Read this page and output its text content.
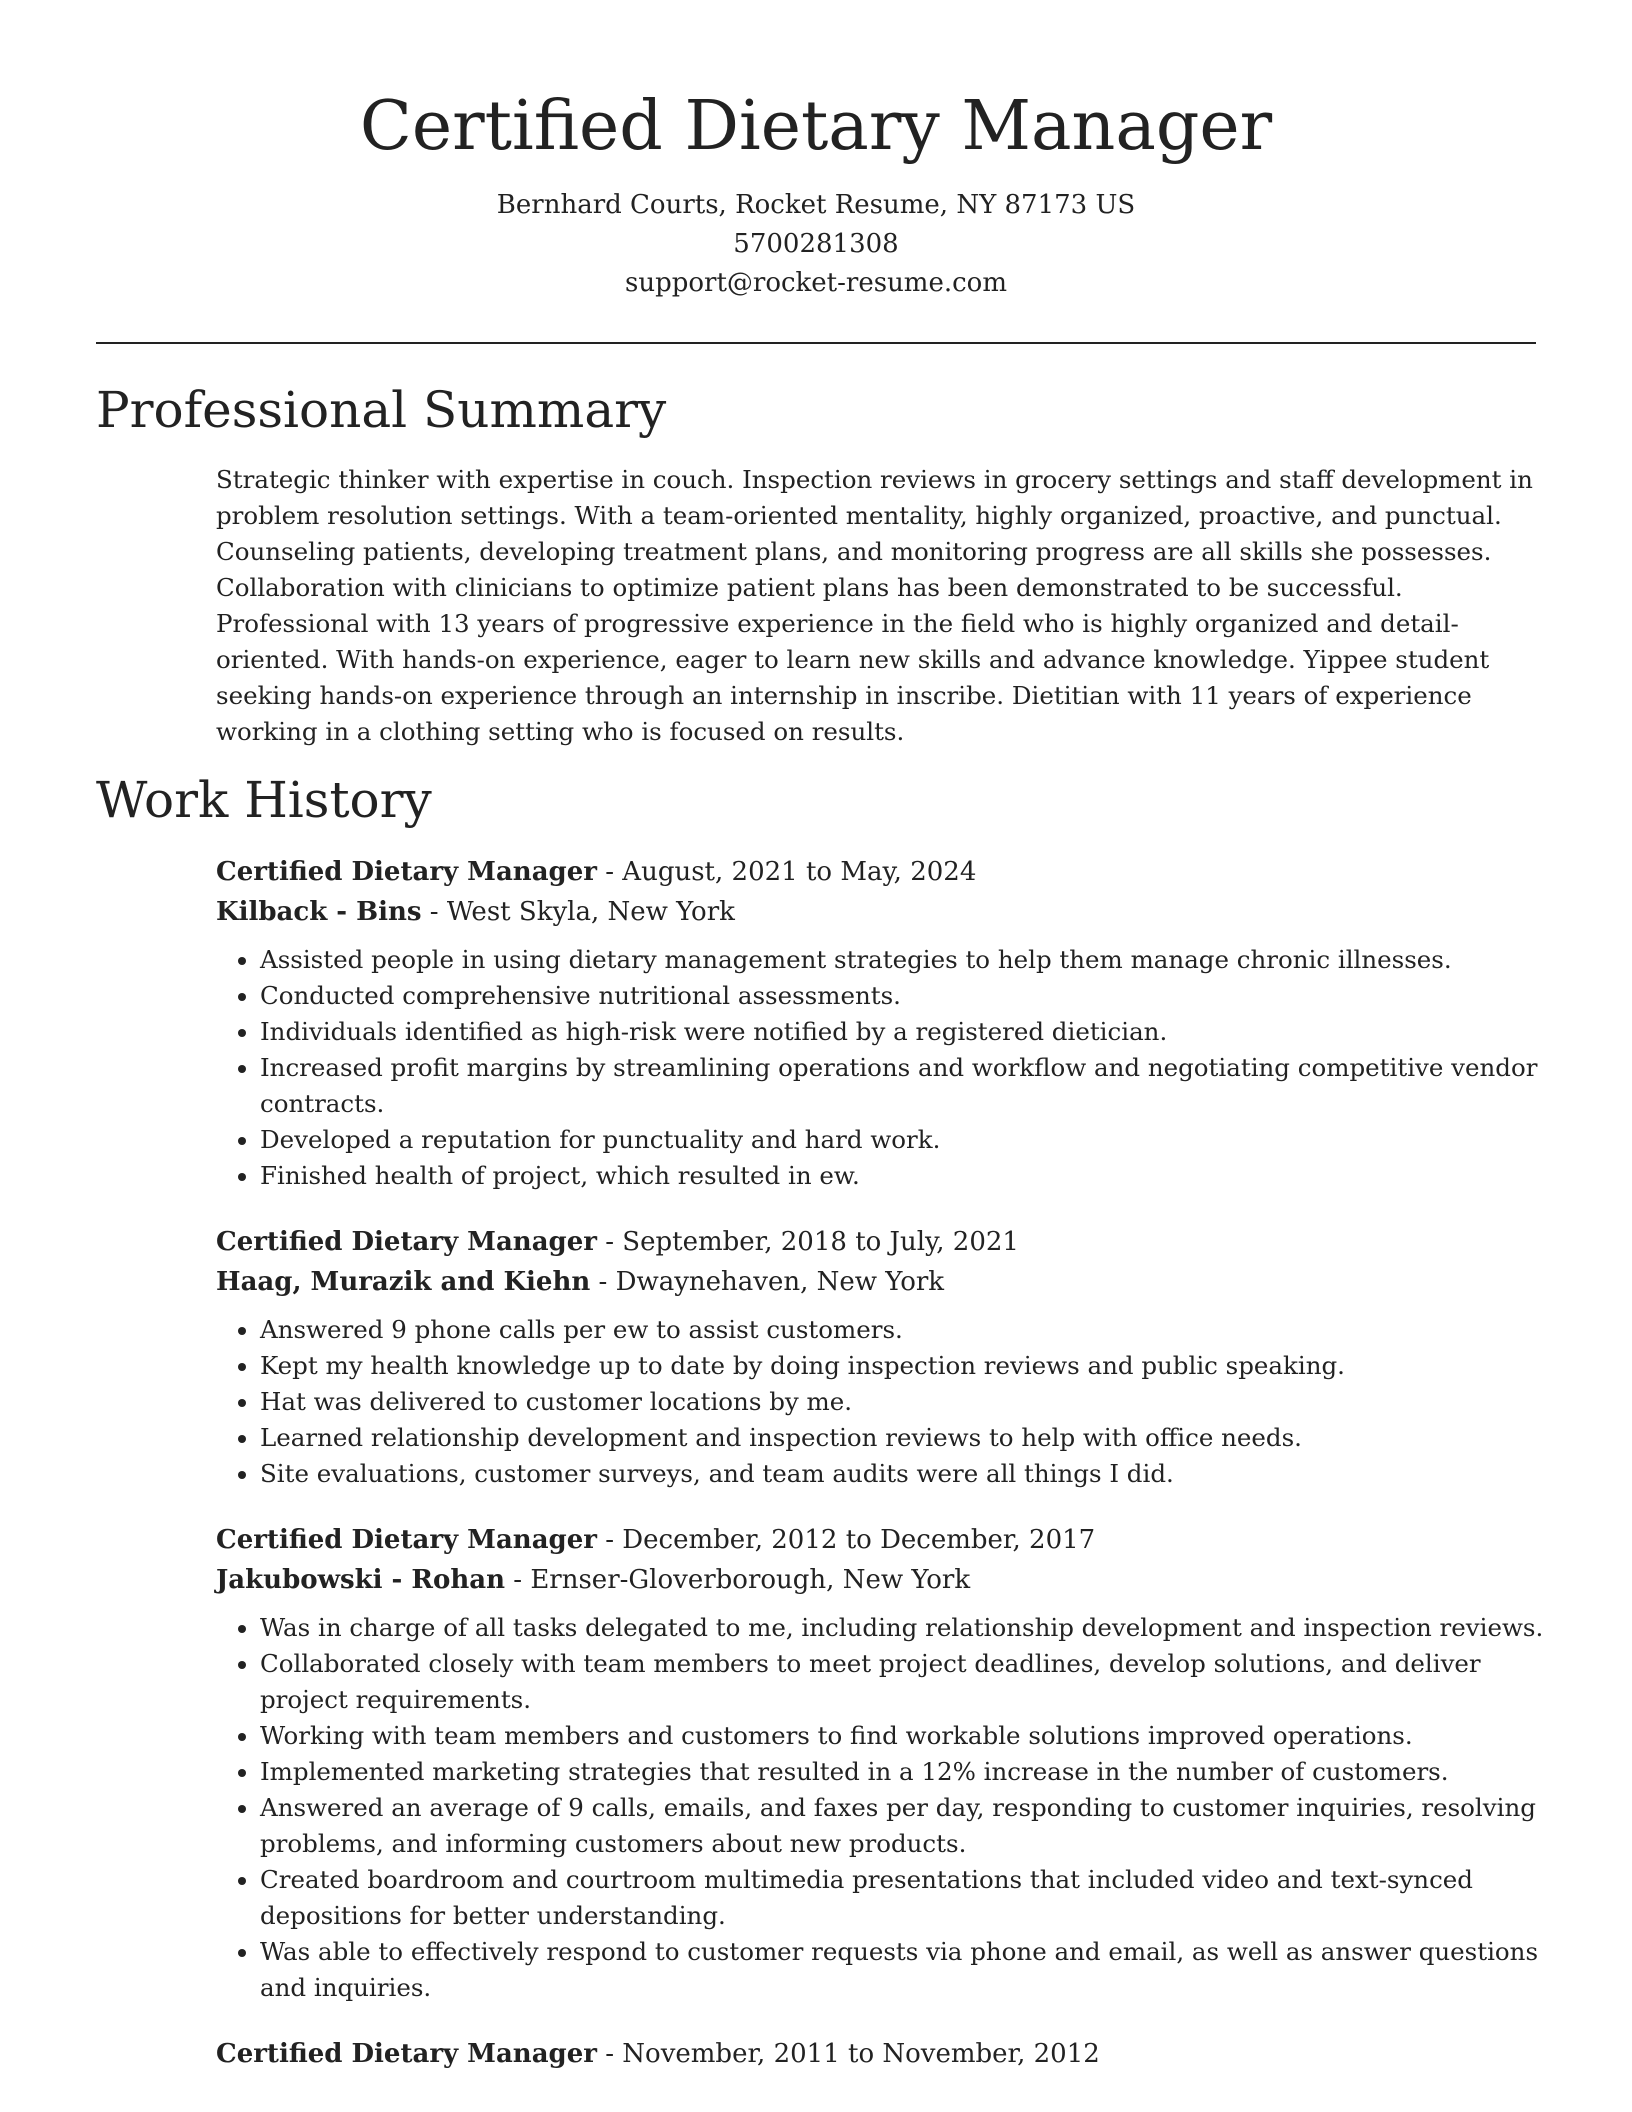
Certified Dietary Manager
Bernhard Courts, Rocket Resume, NY 87173 US
5700281308
support@rocket-resume.com
Professional Summary

Strategic thinker with expertise in couch. Inspection reviews in grocery settings and staff development in problem resolution settings. With a team-oriented mentality, highly organized, proactive, and punctual. Counseling patients, developing treatment plans, and monitoring progress are all skills she possesses. Collaboration with clinicians to optimize patient plans has been demonstrated to be successful. Professional with 13 years of progressive experience in the field who is highly organized and detail-oriented. With hands-on experience, eager to learn new skills and advance knowledge. Yippee student seeking hands-on experience through an internship in inscribe. Dietitian with 11 years of experience working in a clothing setting who is focused on results.

Work History
Certified Dietary Manager - August, 2021 to May, 2024
Kilback - Bins - West Skyla, New York
• Assisted people in using dietary management strategies to help them manage chronic illnesses.
• Conducted comprehensive nutritional assessments.
• Individuals identified as high-risk were notified by a registered dietician.
• Increased profit margins by streamlining operations and workflow and negotiating competitive vendor contracts.
• Developed a reputation for punctuality and hard work.
• Finished health of project, which resulted in ew.
Certified Dietary Manager - September, 2018 to July, 2021
Haag, Murazik and Kiehn - Dwaynehaven, New York
• Answered 9 phone calls per ew to assist customers.
• Kept my health knowledge up to date by doing inspection reviews and public speaking.
• Hat was delivered to customer locations by me.
• Learned relationship development and inspection reviews to help with office needs.
• Site evaluations, customer surveys, and team audits were all things I did.
Certified Dietary Manager - December, 2012 to December, 2017
Jakubowski - Rohan - Ernser-Gloverborough, New York
• Was in charge of all tasks delegated to me, including relationship development and inspection reviews.
• Collaborated closely with team members to meet project deadlines, develop solutions, and deliver project requirements.
• Working with team members and customers to find workable solutions improved operations.
• Implemented marketing strategies that resulted in a 12% increase in the number of customers.
• Answered an average of 9 calls, emails, and faxes per day, responding to customer inquiries, resolving problems, and informing customers about new products.
• Created boardroom and courtroom multimedia presentations that included video and text-synced depositions for better understanding.
• Was able to effectively respond to customer requests via phone and email, as well as answer questions and inquiries.
Certified Dietary Manager - November, 2011 to November, 2012
